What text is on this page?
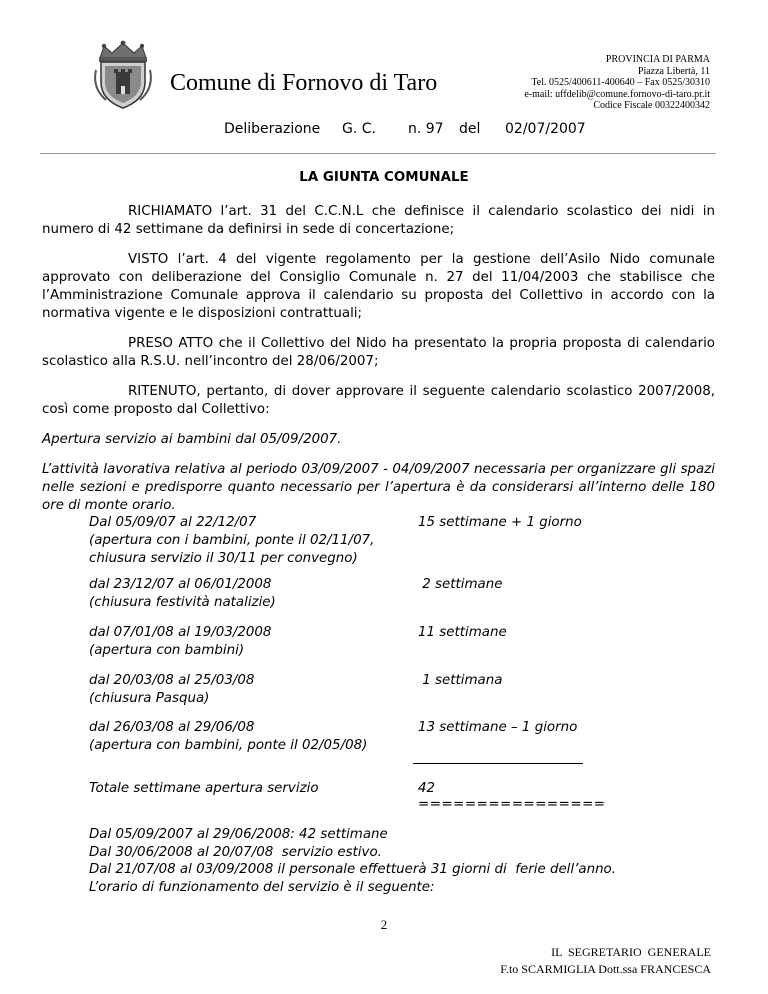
Comune di Fornovo di Taro
PROVINCIA DI PARMA
Piazza Libertà, 11
Tel. 0525/400611-400640 – Fax 0525/30310
e-mail: uffdelib@comune.fornovo-di-taro.pr.it
Codice Fiscale 00322400342
Deliberazione G. C. n. 97 del 02/07/2007
LA GIUNTA COMUNALE
RICHIAMATO l’art. 31 del C.C.N.L che definisce il calendario scolastico dei nidi in numero di 42 settimane da definirsi in sede di concertazione;
VISTO l’art. 4 del vigente regolamento per la gestione dell’Asilo Nido comunale approvato con deliberazione del Consiglio Comunale n. 27 del 11/04/2003 che stabilisce che l’Amministrazione Comunale approva il calendario su proposta del Collettivo in accordo con la normativa vigente e le disposizioni contrattuali;
PRESO ATTO che il Collettivo del Nido ha presentato la propria proposta di calendario scolastico alla R.S.U. nell’incontro del 28/06/2007;
RITENUTO, pertanto, di dover approvare il seguente calendario scolastico 2007/2008, così come proposto dal Collettivo:
Apertura servizio ai bambini dal 05/09/2007.
L’attività lavorativa relativa al periodo 03/09/2007 - 04/09/2007 necessaria per organizzare gli spazi nelle sezioni e predisporre quanto necessario per l’apertura è da considerarsi all’interno delle 180 ore di monte orario.
Dal 05/09/07 al 22/12/07
(apertura con i bambini, ponte il 02/11/07,
chiusura servizio il 30/11 per convegno)
15 settimane + 1 giorno
dal 23/12/07 al 06/01/2008
(chiusura festività natalizie)
2 settimane
dal 07/01/08 al 19/03/2008
(apertura con bambini)
11 settimane
dal 20/03/08 al 25/03/08
(chiusura Pasqua)
1 settimana
dal 26/03/08 al 29/06/08
(apertura con bambini, ponte il 02/05/08)
13 settimane – 1 giorno
Totale settimane apertura servizio	42
================
Dal 05/09/2007 al 29/06/2008: 42 settimane
Dal 30/06/2008 al 20/07/08  servizio estivo.
Dal 21/07/08 al 03/09/2008 il personale effettuerà 31 giorni di  ferie dell’anno.
L’orario di funzionamento del servizio è il seguente:
2
IL  SEGRETARIO  GENERALE
F.to SCARMIGLIA Dott.ssa FRANCESCA
